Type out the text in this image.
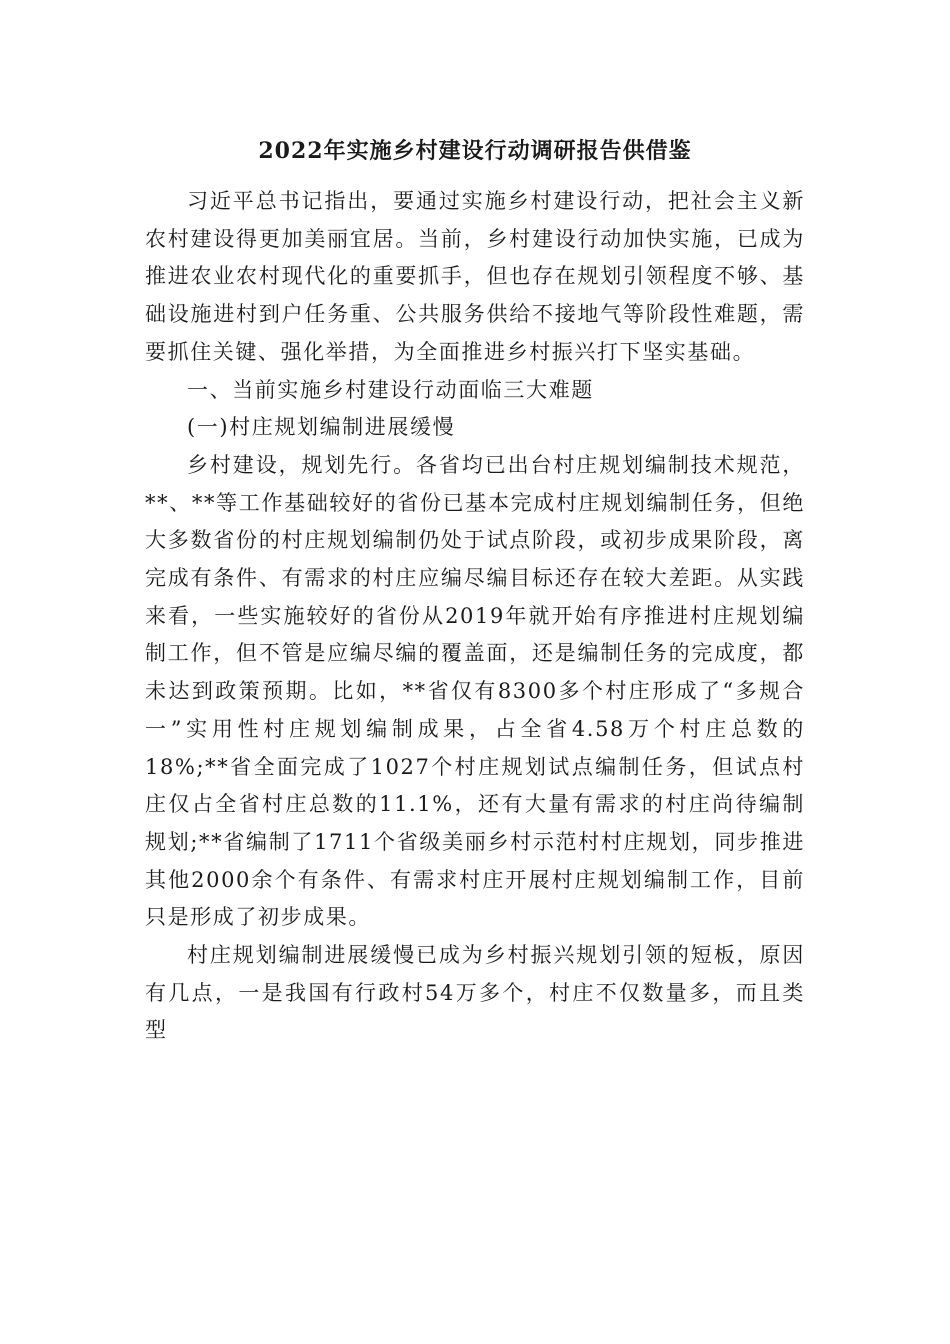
2022年实施乡村建设行动调研报告供借鉴

习近平总书记指出，要通过实施乡村建设行动，把社会主义新农村建设得更加美丽宜居。当前，乡村建设行动加快实施，已成为推进农业农村现代化的重要抓手，但也存在规划引领程度不够、基础设施进村到户任务重、公共服务供给不接地气等阶段性难题，需要抓住关键、强化举措，为全面推进乡村振兴打下坚实基础。

一、当前实施乡村建设行动面临三大难题

(一)村庄规划编制进展缓慢

乡村建设，规划先行。各省均已出台村庄规划编制技术规范，**、**等工作基础较好的省份已基本完成村庄规划编制任务，但绝大多数省份的村庄规划编制仍处于试点阶段，或初步成果阶段，离完成有条件、有需求的村庄应编尽编目标还存在较大差距。从实践来看，一些实施较好的省份从2019年就开始有序推进村庄规划编制工作，但不管是应编尽编的覆盖面，还是编制任务的完成度，都未达到政策预期。比如，**省仅有8300多个村庄形成了“多规合一”实用性村庄规划编制成果，占全省4.58万个村庄总数的18%;**省全面完成了1027个村庄规划试点编制任务，但试点村庄仅占全省村庄总数的11.1%，还有大量有需求的村庄尚待编制规划;**省编制了1711个省级美丽乡村示范村村庄规划，同步推进其他2000余个有条件、有需求村庄开展村庄规划编制工作，目前只是形成了初步成果。

村庄规划编制进展缓慢已成为乡村振兴规划引领的短板，原因有几点，一是我国有行政村54万多个，村庄不仅数量多，而且类型
